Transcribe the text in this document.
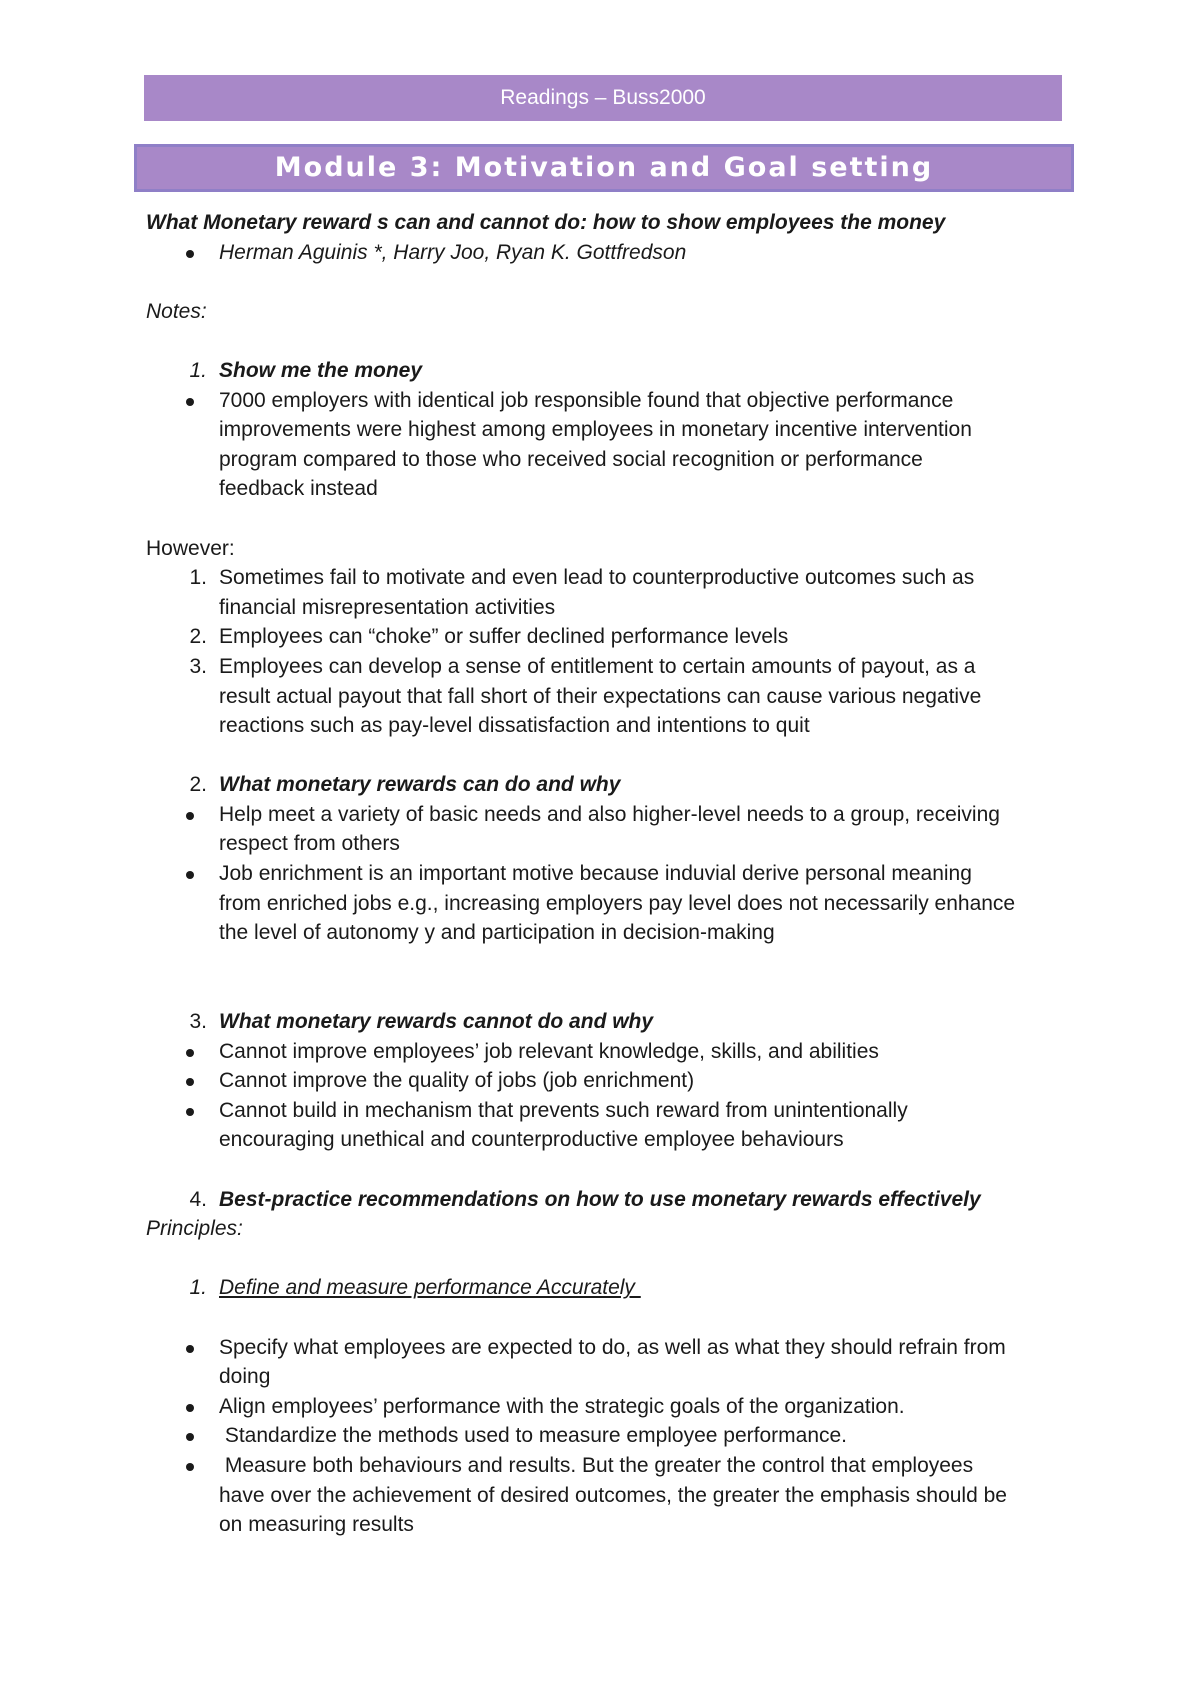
Readings – Buss2000
Module 3: Motivation and Goal setting
What Monetary reward s can and cannot do: how to show employees the money
Herman Aguinis *, Harry Joo, Ryan K. Gottfredson
Notes:
1. Show me the money
7000 employers with identical job responsible found that objective performance
improvements were highest among employees in monetary incentive intervention
program compared to those who received social recognition or performance
feedback instead
However:
1. Sometimes fail to motivate and even lead to counterproductive outcomes such as
financial misrepresentation activities
2. Employees can “choke” or suffer declined performance levels
3. Employees can develop a sense of entitlement to certain amounts of payout, as a
result actual payout that fall short of their expectations can cause various negative
reactions such as pay-level dissatisfaction and intentions to quit
2. What monetary rewards can do and why
Help meet a variety of basic needs and also higher-level needs to a group, receiving
respect from others
Job enrichment is an important motive because induvial derive personal meaning
from enriched jobs e.g., increasing employers pay level does not necessarily enhance
the level of autonomy y and participation in decision-making
3. What monetary rewards cannot do and why
Cannot improve employees’ job relevant knowledge, skills, and abilities
Cannot improve the quality of jobs (job enrichment)
Cannot build in mechanism that prevents such reward from unintentionally
encouraging unethical and counterproductive employee behaviours
4. Best-practice recommendations on how to use monetary rewards effectively
Principles:
1. Define and measure performance Accurately
Specify what employees are expected to do, as well as what they should refrain from
doing
Align employees’ performance with the strategic goals of the organization.
Standardize the methods used to measure employee performance.
Measure both behaviours and results. But the greater the control that employees
have over the achievement of desired outcomes, the greater the emphasis should be
on measuring results
